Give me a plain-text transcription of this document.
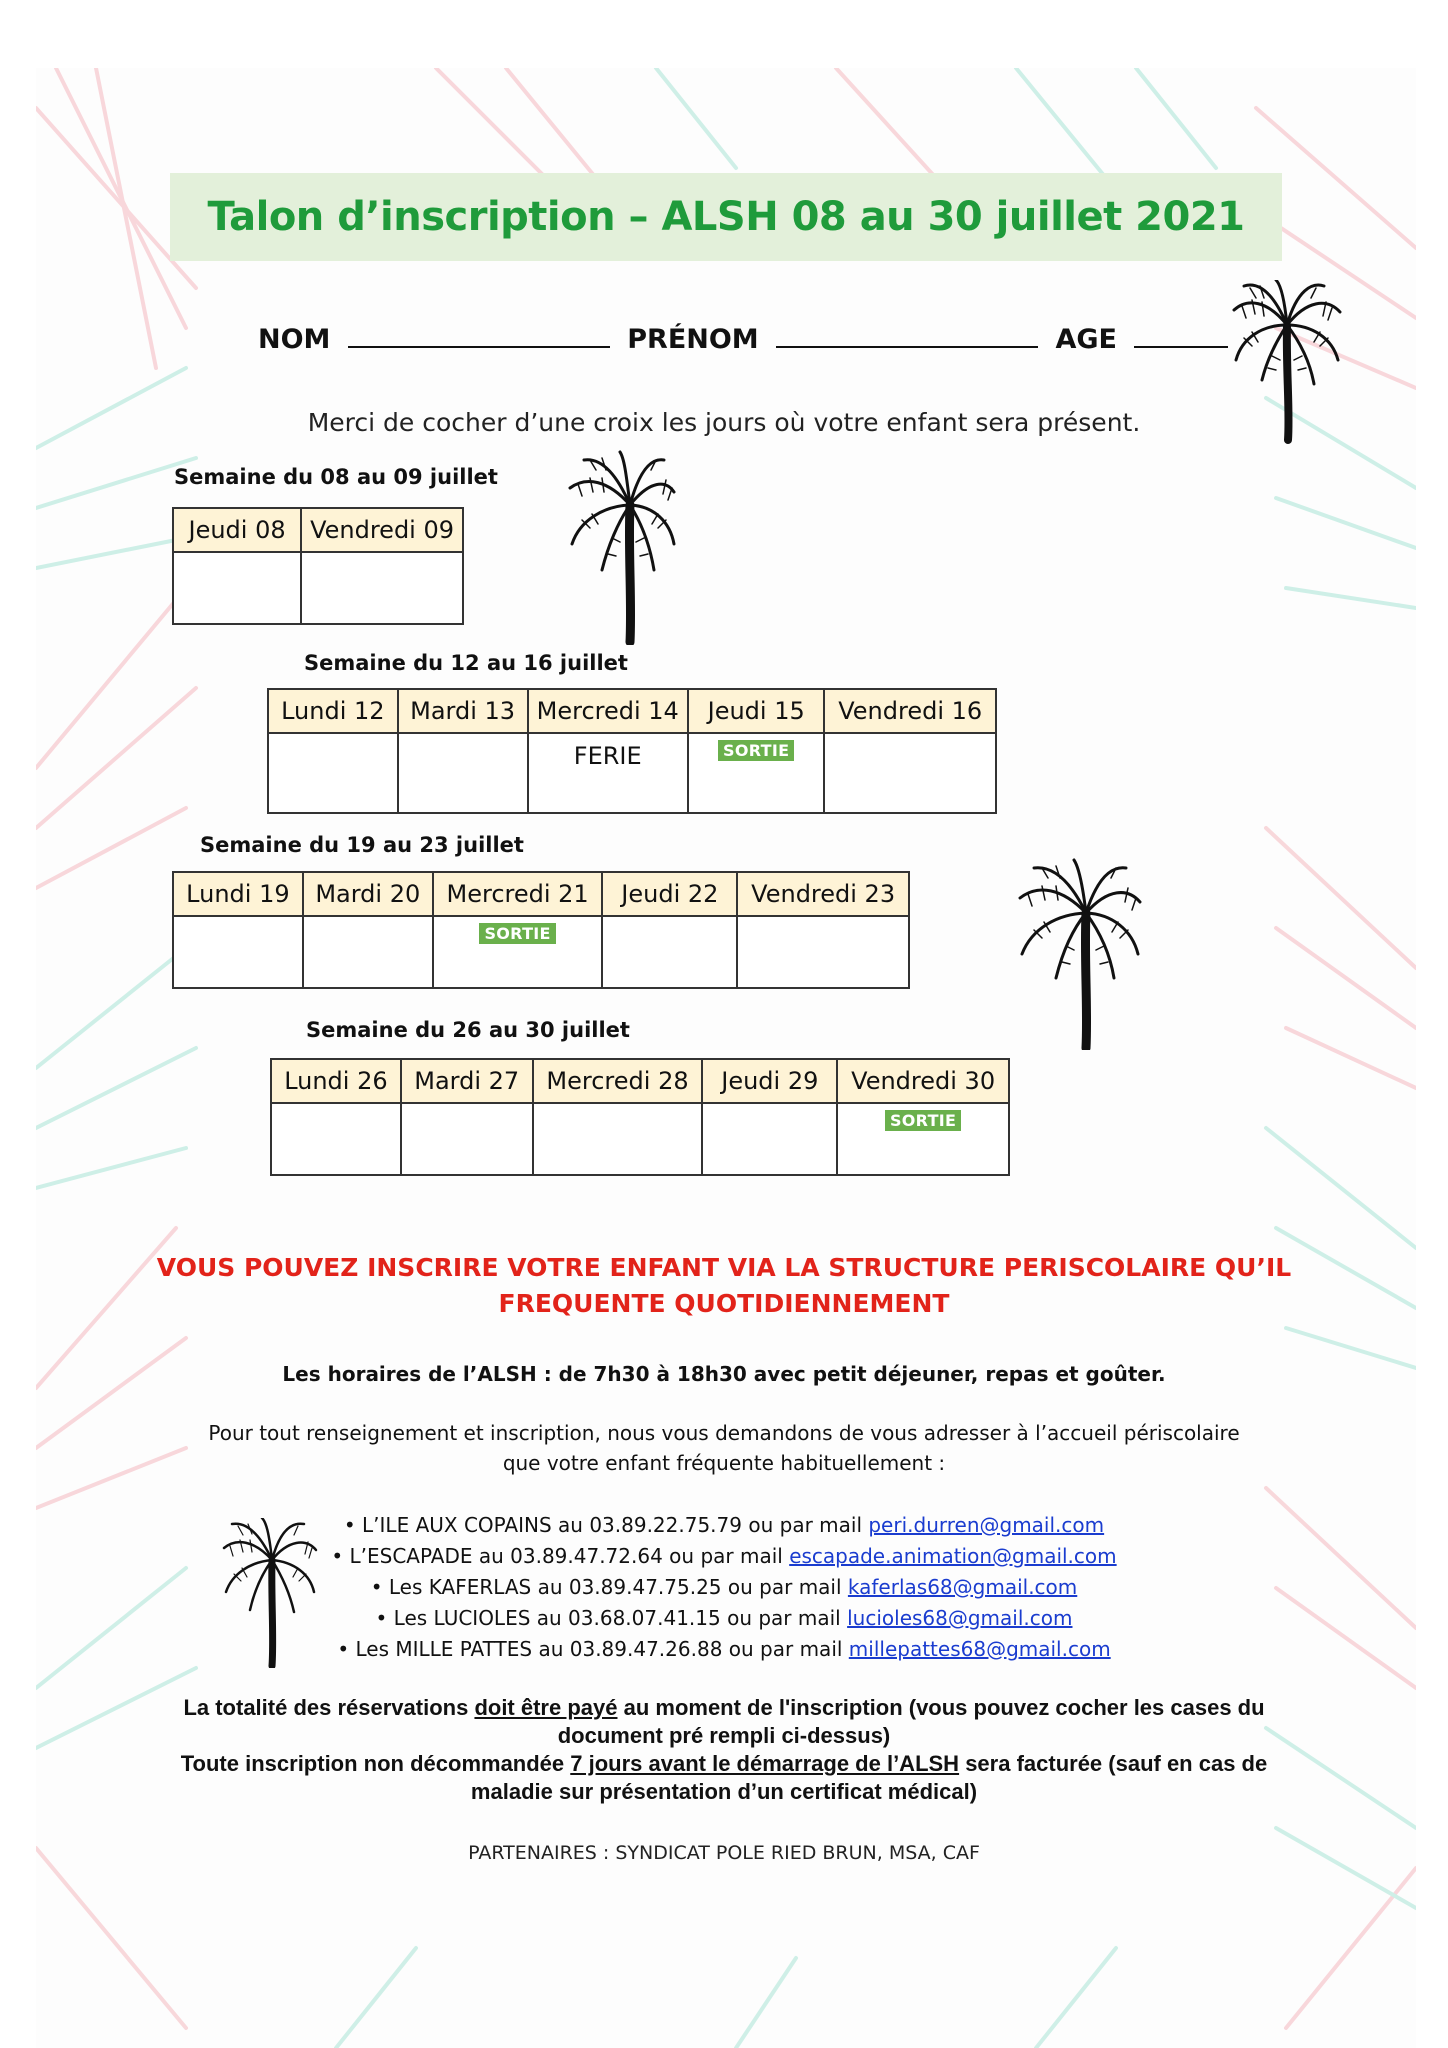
Talon d’inscription – ALSH 08 au 30 juillet 2021
NOM	PRÉNOM	AGE
Merci de cocher d’une croix les jours où votre enfant sera présent.
Semaine du 08 au 09 juillet
Jeudi 08	Vendredi 09

Semaine du 12 au 16 juillet
Lundi 12	Mardi 13	Mercredi 14	Jeudi 15	Vendredi 16
		FERIE	SORTIE	
Semaine du 19 au 23 juillet
Lundi 19	Mardi 20	Mercredi 21	Jeudi 22	Vendredi 23
		SORTIE		
Semaine du 26 au 30 juillet
Lundi 26	Mardi 27	Mercredi 28	Jeudi 29	Vendredi 30
				SORTIE
VOUS POUVEZ INSCRIRE VOTRE ENFANT VIA LA STRUCTURE PERISCOLAIRE QU’IL
FREQUENTE QUOTIDIENNEMENT
Les horaires de l’ALSH : de 7h30 à 18h30 avec petit déjeuner, repas et goûter.
Pour tout renseignement et inscription, nous vous demandons de vous adresser à l’accueil périscolaire que votre enfant fréquente habituellement :
• L’ILE AUX COPAINS au 03.89.22.75.79 ou par mail peri.durren@gmail.com
• L’ESCAPADE au 03.89.47.72.64 ou par mail escapade.animation@gmail.com
• Les KAFERLAS au 03.89.47.75.25 ou par mail kaferlas68@gmail.com
• Les LUCIOLES au 03.68.07.41.15 ou par mail lucioles68@gmail.com
• Les MILLE PATTES au 03.89.47.26.88 ou par mail millepattes68@gmail.com
La totalité des réservations doit être payé au moment de l'inscription (vous pouvez cocher les cases du document pré rempli ci-dessus)
Toute inscription non décommandée 7 jours avant le démarrage de l’ALSH sera facturée (sauf en cas de maladie sur présentation d’un certificat médical)
PARTENAIRES : SYNDICAT POLE RIED BRUN, MSA, CAF
